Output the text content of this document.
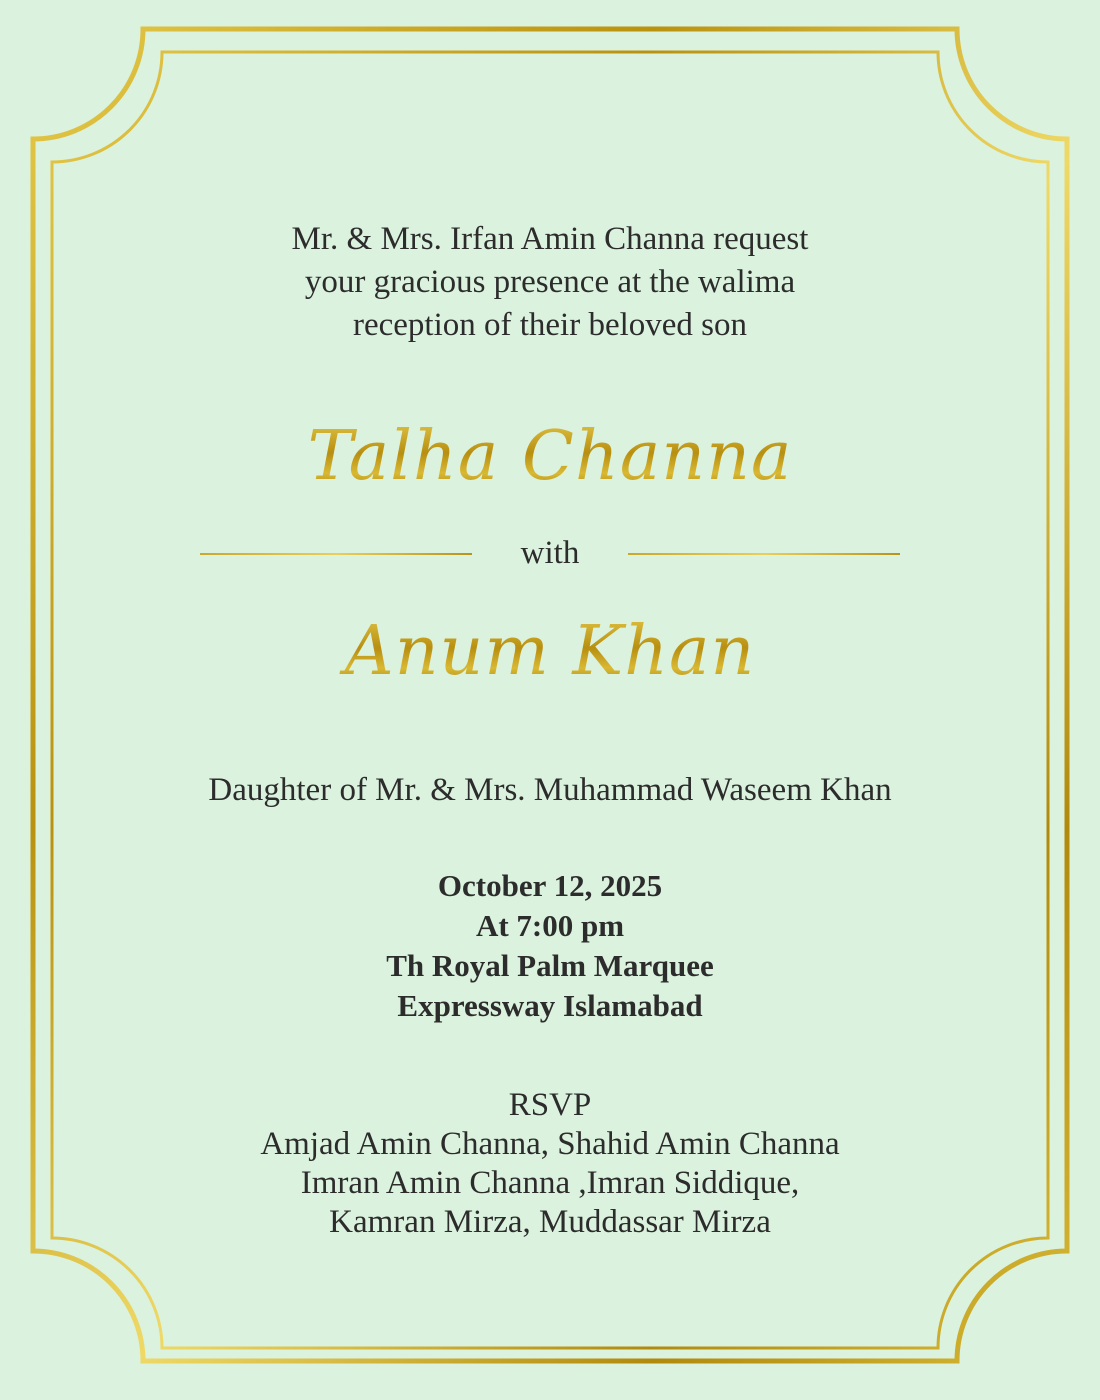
Mr. & Mrs. Irfan Amin Channa request
your gracious presence at the walima
reception of their beloved son
Talha Channa
with
Anum Khan
Daughter of Mr. & Mrs. Muhammad Waseem Khan
October 12, 2025
At 7:00 pm
Th Royal Palm Marquee
Expressway Islamabad
RSVP
Amjad Amin Channa, Shahid Amin Channa
Imran Amin Channa ,Imran Siddique,
Kamran Mirza, Muddassar Mirza
